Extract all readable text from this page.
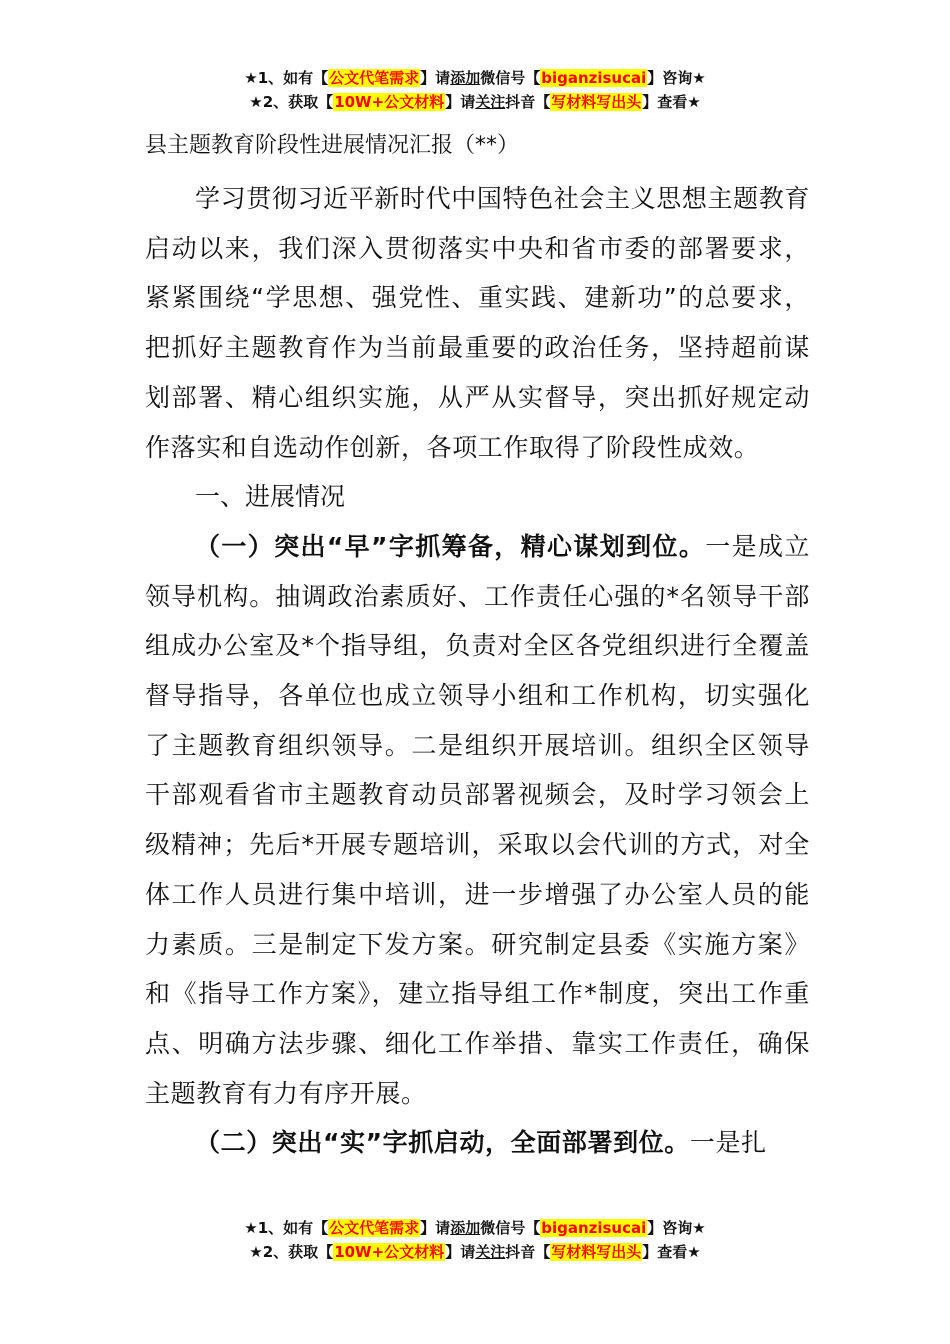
★1、如有【公文代笔需求】请添加微信号【biganzisucai】咨询★
★2、获取【10W+公文材料】请关注抖音【写材料写出头】查看★
县主题教育阶段性进展情况汇报（**）

学习贯彻习近平新时代中国特色社会主义思想主题教育启动以来，我们深入贯彻落实中央和省市委的部署要求，紧紧围绕“学思想、强党性、重实践、建新功”的总要求，把抓好主题教育作为当前最重要的政治任务，坚持超前谋划部署、精心组织实施，从严从实督导，突出抓好规定动作落实和自选动作创新，各项工作取得了阶段性成效。

一、进展情况

（一）突出“早”字抓筹备，精心谋划到位。一是成立领导机构。抽调政治素质好、工作责任心强的*名领导干部组成办公室及*个指导组，负责对全区各党组织进行全覆盖督导指导，各单位也成立领导小组和工作机构，切实强化了主题教育组织领导。二是组织开展培训。组织全区领导干部观看省市主题教育动员部署视频会，及时学习领会上级精神；先后*开展专题培训，采取以会代训的方式，对全体工作人员进行集中培训，进一步增强了办公室人员的能力素质。三是制定下发方案。研究制定县委《实施方案》和《指导工作方案》，建立指导组工作*制度，突出工作重点、明确方法步骤、细化工作举措、靠实工作责任，确保主题教育有力有序开展。

（二）突出“实”字抓启动，全面部署到位。一是扎

★1、如有【公文代笔需求】请添加微信号【biganzisucai】咨询★
★2、获取【10W+公文材料】请关注抖音【写材料写出头】查看★
